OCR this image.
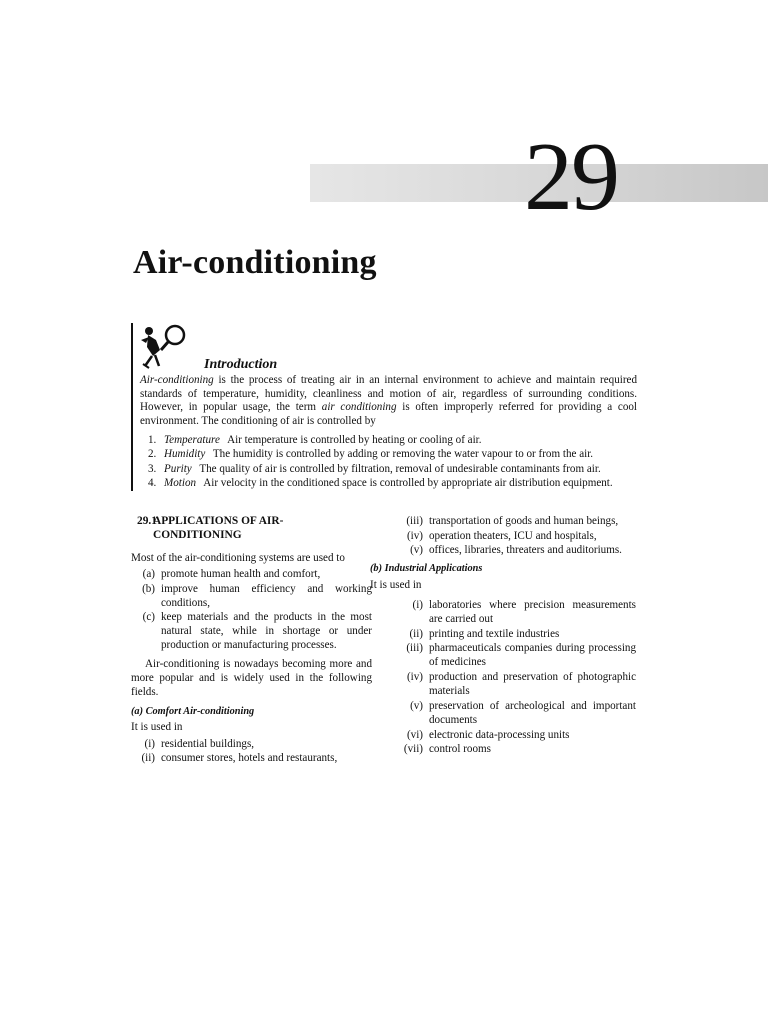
29
Air-conditioning
Introduction

Air-conditioning is the process of treating air in an internal environment to achieve and maintain required standards of temperature, humidity, cleanliness and motion of air, regardless of surrounding conditions. However, in popular usage, the term air conditioning is often improperly referred for providing a cool environment. The conditioning of air is controlled by

1. Temperature Air temperature is controlled by heating or cooling of air.
2. Humidity The humidity is controlled by adding or removing the water vapour to or from the air.
3. Purity The quality of air is controlled by filtration, removal of undesirable contaminants from air.
4. Motion Air velocity in the conditioned space is controlled by appropriate air distribution equipment.
29.1
APPLICATIONS OF AIR-CONDITIONING

Most of the air-conditioning systems are used to

(a) promote human health and comfort,
(b) improve human efficiency and working conditions,
(c) keep materials and the products in the most natural state, while in shortage or under production or manufacturing processes.

Air-conditioning is nowadays becoming more and more popular and is widely used in the following fields.

(a) Comfort Air-conditioning

It is used in

(i) residential buildings,
(ii) consumer stores, hotels and restaurants,
(iii) transportation of goods and human beings,
(iv) operation theaters, ICU and hospitals,
(v) offices, libraries, threaters and auditoriums.
(b) Industrial Applications

It is used in

(i) laboratories where precision measurements are carried out
(ii) printing and textile industries
(iii) pharmaceuticals companies during processing of medicines
(iv) production and preservation of photographic materials
(v) preservation of archeological and important documents
(vi) electronic data-processing units
(vii) control rooms
